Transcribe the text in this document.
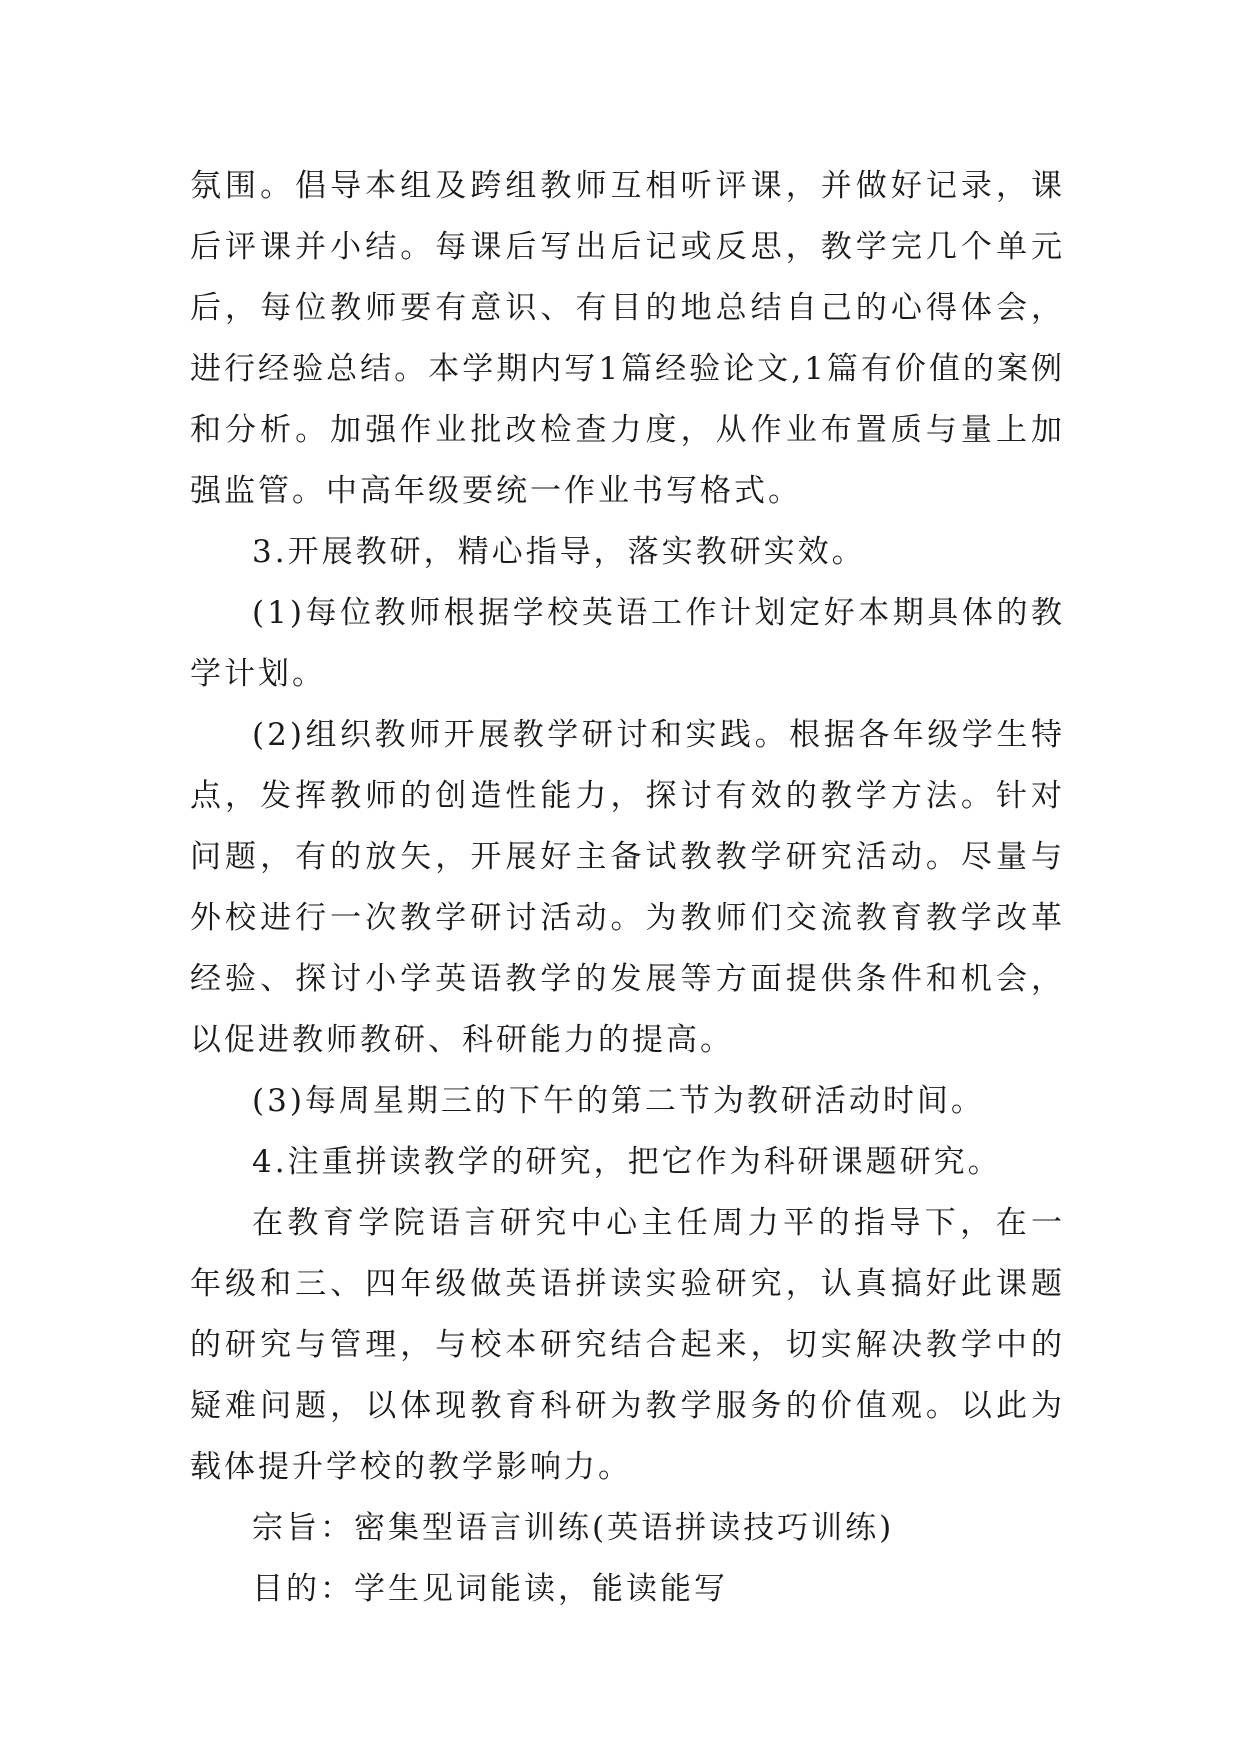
氛围。倡导本组及跨组教师互相听评课，并做好记录，课后评课并小结。每课后写出后记或反思，教学完几个单元后，每位教师要有意识、有目的地总结自己的心得体会，进行经验总结。本学期内写1篇经验论文,1篇有价值的案例和分析。加强作业批改检查力度，从作业布置质与量上加强监管。中高年级要统一作业书写格式。

3.开展教研，精心指导，落实教研实效。

(1)每位教师根据学校英语工作计划定好本期具体的教学计划。

(2)组织教师开展教学研讨和实践。根据各年级学生特点，发挥教师的创造性能力，探讨有效的教学方法。针对问题，有的放矢，开展好主备试教教学研究活动。尽量与外校进行一次教学研讨活动。为教师们交流教育教学改革经验、探讨小学英语教学的发展等方面提供条件和机会，以促进教师教研、科研能力的提高。

(3)每周星期三的下午的第二节为教研活动时间。

4.注重拼读教学的研究，把它作为科研课题研究。

在教育学院语言研究中心主任周力平的指导下，在一年级和三、四年级做英语拼读实验研究，认真搞好此课题的研究与管理，与校本研究结合起来，切实解决教学中的疑难问题，以体现教育科研为教学服务的价值观。以此为载体提升学校的教学影响力。

宗旨：密集型语言训练(英语拼读技巧训练)

目的：学生见词能读，能读能写
